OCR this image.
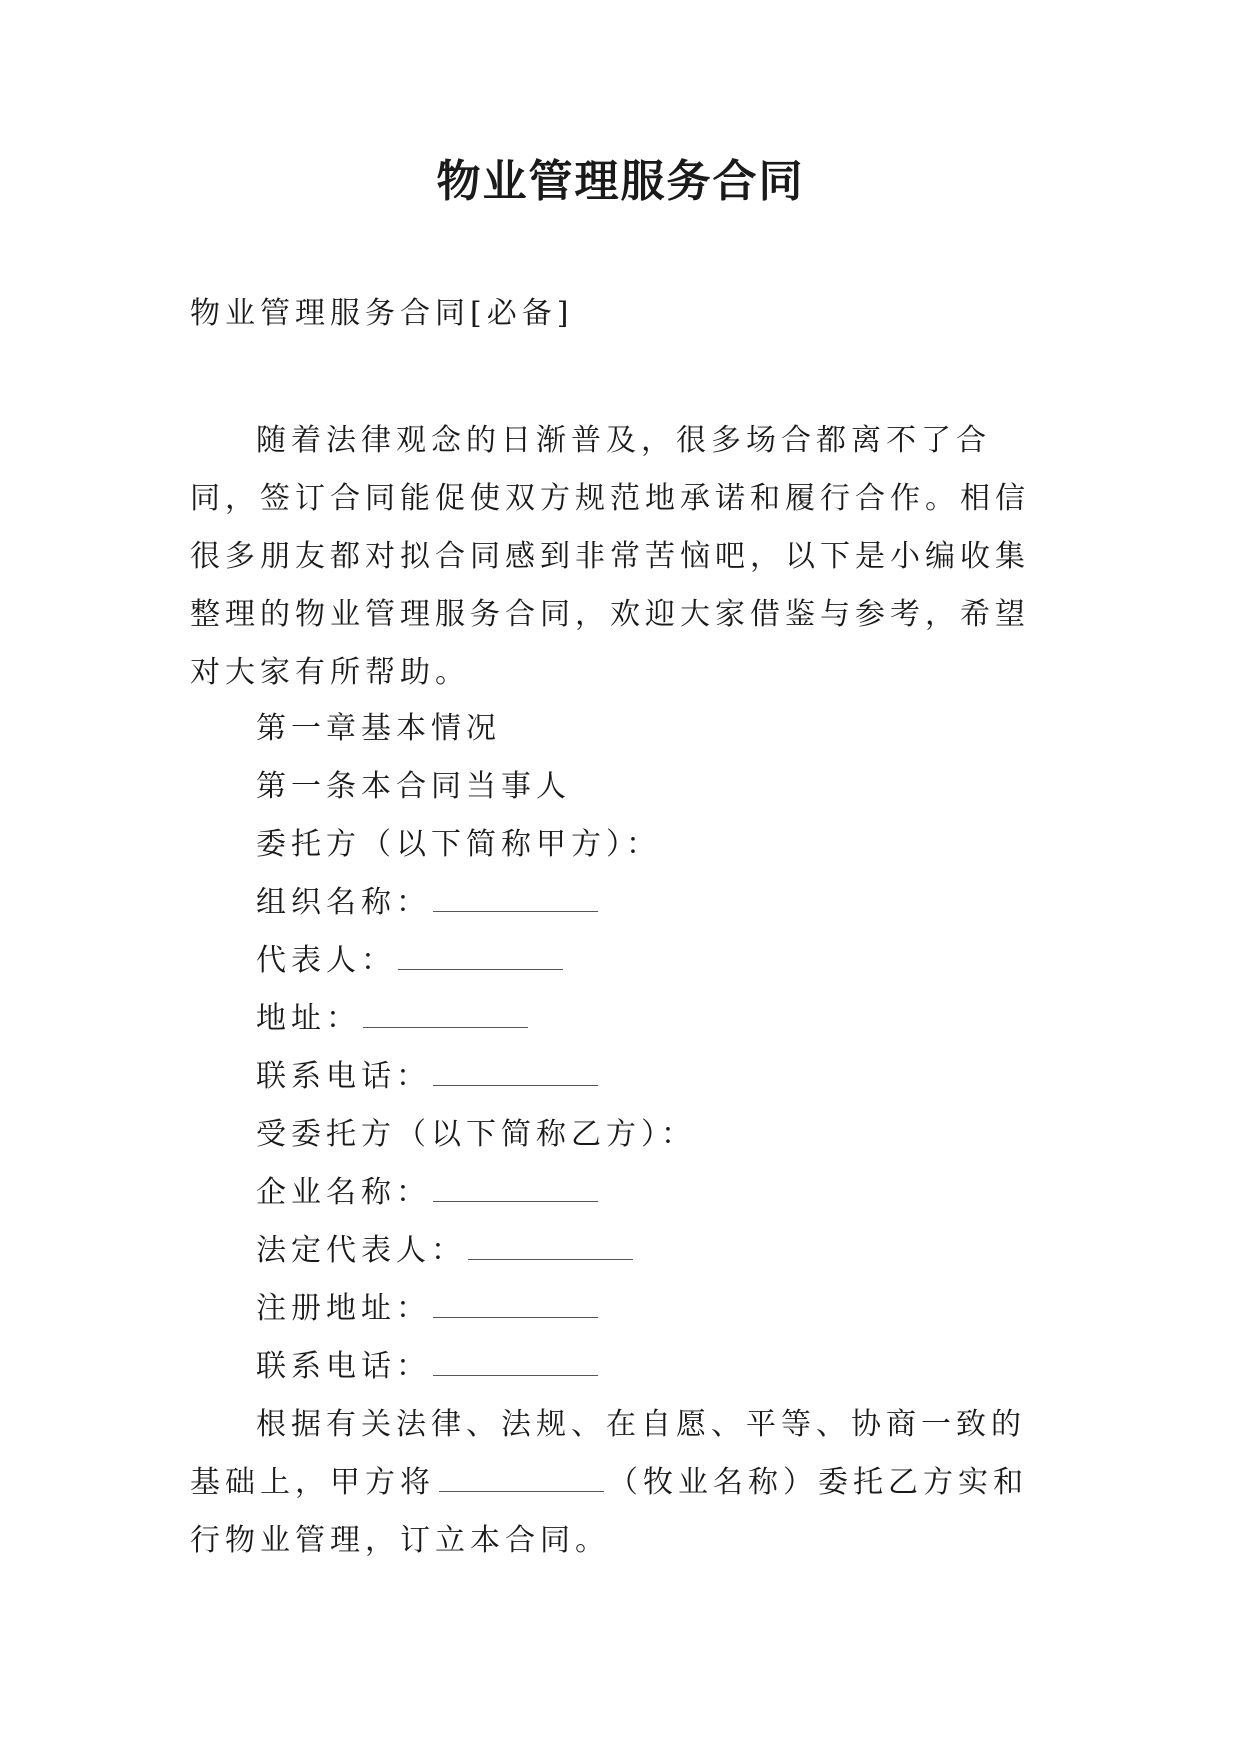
物业管理服务合同
物业管理服务合同[必备]

随着法律观念的日渐普及，很多场合都离不了合同，签订合同能促使双方规范地承诺和履行合作。相信很多朋友都对拟合同感到非常苦恼吧，以下是小编收集整理的物业管理服务合同，欢迎大家借鉴与参考，希望对大家有所帮助。

第一章基本情况
第一条本合同当事人
委托方（以下简称甲方）：
组织名称：
代表人：
地址：
联系电话：
受委托方（以下简称乙方）：
企业名称：
法定代表人：
注册地址：
联系电话：

根据有关法律、法规、在自愿、平等、协商一致的基础上，甲方将	（牧业名称）委托乙方实和行物业管理，订立本合同。
